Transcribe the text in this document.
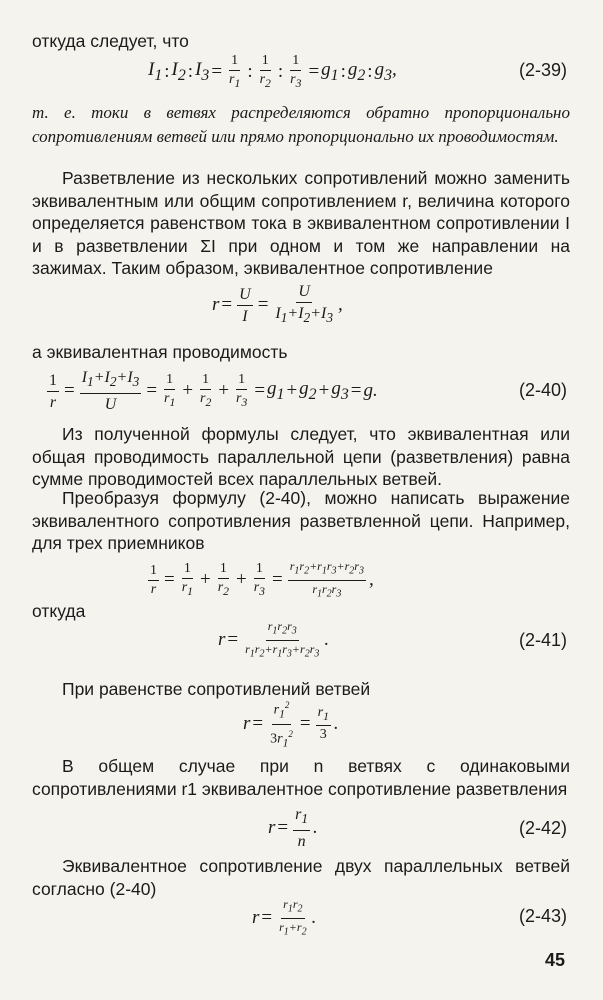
откуда следует, что
$I_1$ : $I_2$ : $I_3 = \frac{1}{r_1}$ : $\frac{1}{r_2}$ : $\frac{1}{r_3} = g_1$ : $g_2$ : $g_3$,	(2-39)
т. е. токи в ветвях распределяются обратно пропорционально сопротивлениям ветвей или прямо пропорционально их проводимостям.
Разветвление из нескольких сопротивлений можно заменить эквивалентным или общим сопротивлением r, величина которого определяется равенством тока в эквивалентном сопротивлении I и в разветвлении ΣI при одном и том же направлении на зажимах. Таким образом, эквивалентное сопротивление
$r = \frac{U}{I} = \frac{U}{I_1+I_2+I_3}$ ,
а эквивалентная проводимость
$\frac{1}{r} = \frac{I_1+I_2+I_3}{U} = \frac{1}{r_1} + \frac{1}{r_2} + \frac{1}{r_3} = g_1 + g_2 + g_3 = g$.	(2-40)
Из полученной формулы следует, что эквивалентная или общая проводимость параллельной цепи (разветвления) равна сумме проводимостей всех параллельных ветвей.
Преобразуя формулу (2-40), можно написать выражение эквивалентного сопротивления разветвленной цепи. Например, для трех приемников
$\frac{1}{r} = \frac{1}{r_1} + \frac{1}{r_2} + \frac{1}{r_3} = \frac{r_1r_2+r_1r_3+r_2r_3}{r_1r_2r_3}$ ,
откуда
$r = \frac{r_1r_2r_3}{r_1r_2+r_1r_3+r_2r_3}$ .	(2-41)
При равенстве сопротивлений ветвей
$r = \frac{r_1^2}{3r_1^2} = \frac{r_1}{3}$ .
В общем случае при n ветвях с одинаковыми сопротивлениями r1 эквивалентное сопротивление разветвления
$r = \frac{r_1}{n}$ .	(2-42)
Эквивалентное сопротивление двух параллельных ветвей согласно (2-40)
$r = \frac{r_1r_2}{r_1+r_2}$ .	(2-43)
45
